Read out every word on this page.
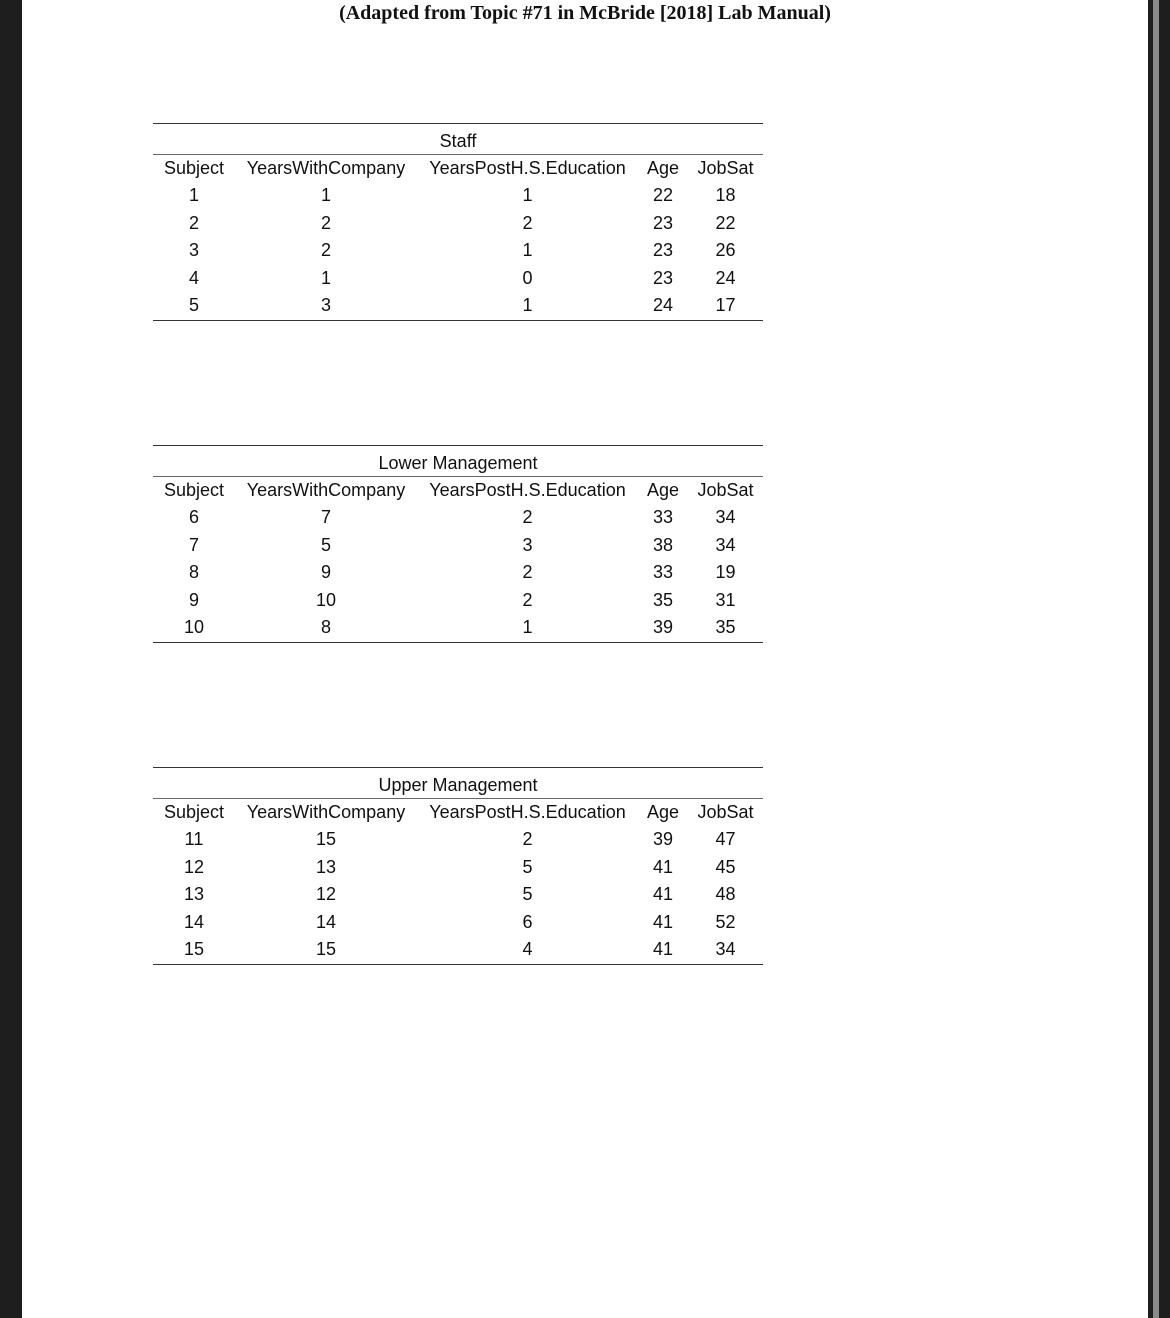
(Adapted from Topic #71 in McBride [2018] Lab Manual)
Staff				
Subject	YearsWithCompany	YearsPostH.S.Education	Age	JobSat
1	1	1	22	18
2	2	2	23	22
3	2	1	23	26
4	1	0	23	24
5	3	1	24	17
Lower Management				
Subject	YearsWithCompany	YearsPostH.S.Education	Age	JobSat
6	7	2	33	34
7	5	3	38	34
8	9	2	33	19
9	10	2	35	31
10	8	1	39	35
Upper Management				
Subject	YearsWithCompany	YearsPostH.S.Education	Age	JobSat
11	15	2	39	47
12	13	5	41	45
13	12	5	41	48
14	14	6	41	52
15	15	4	41	34
